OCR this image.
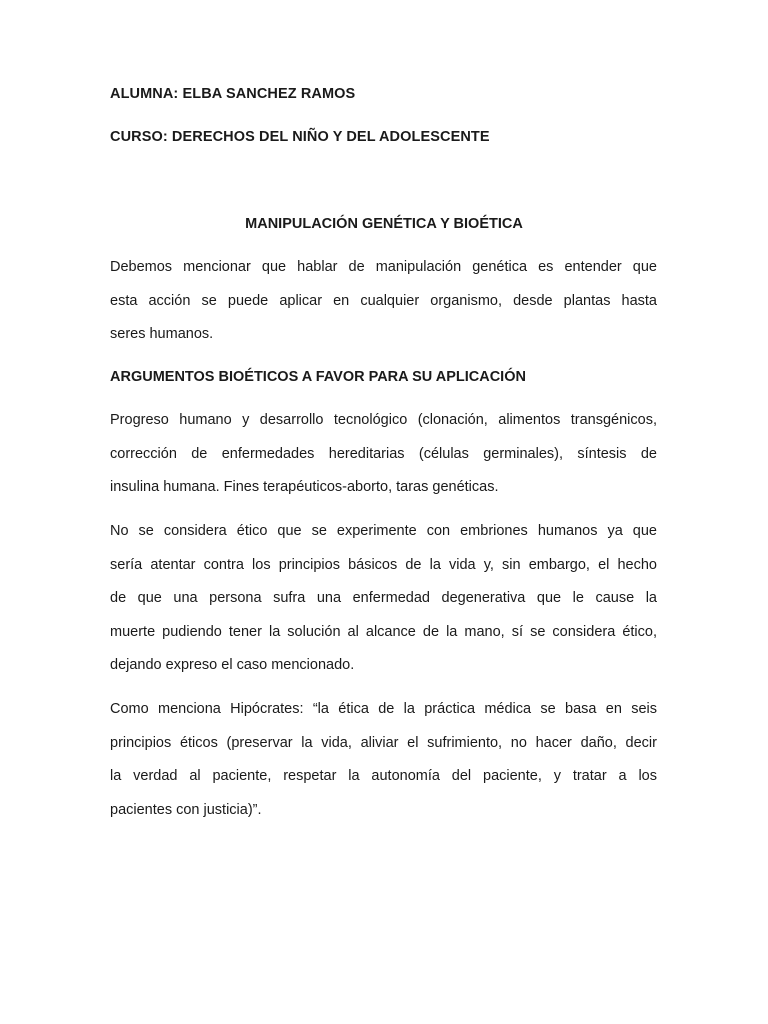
ALUMNA: ELBA SANCHEZ RAMOS
CURSO: DERECHOS DEL NIÑO Y DEL ADOLESCENTE
MANIPULACIÓN GENÉTICA Y BIOÉTICA
Debemos mencionar que hablar de manipulación genética es entender que
esta acción se puede aplicar en cualquier organismo, desde plantas hasta
seres humanos.
ARGUMENTOS BIOÉTICOS A FAVOR PARA SU APLICACIÓN
Progreso humano y desarrollo tecnológico (clonación, alimentos transgénicos,
corrección de enfermedades hereditarias (células germinales), síntesis de
insulina humana. Fines terapéuticos-aborto, taras genéticas.
No se considera ético que se experimente con embriones humanos ya que
sería atentar contra los principios básicos de la vida y, sin embargo, el hecho
de que una persona sufra una enfermedad degenerativa que le cause la
muerte pudiendo tener la solución al alcance de la mano, sí se considera ético,
dejando expreso el caso mencionado.
Como menciona Hipócrates: “la ética de la práctica médica se basa en seis
principios éticos (preservar la vida, aliviar el sufrimiento, no hacer daño, decir
la verdad al paciente, respetar la autonomía del paciente, y tratar a los
pacientes con justicia)”.
